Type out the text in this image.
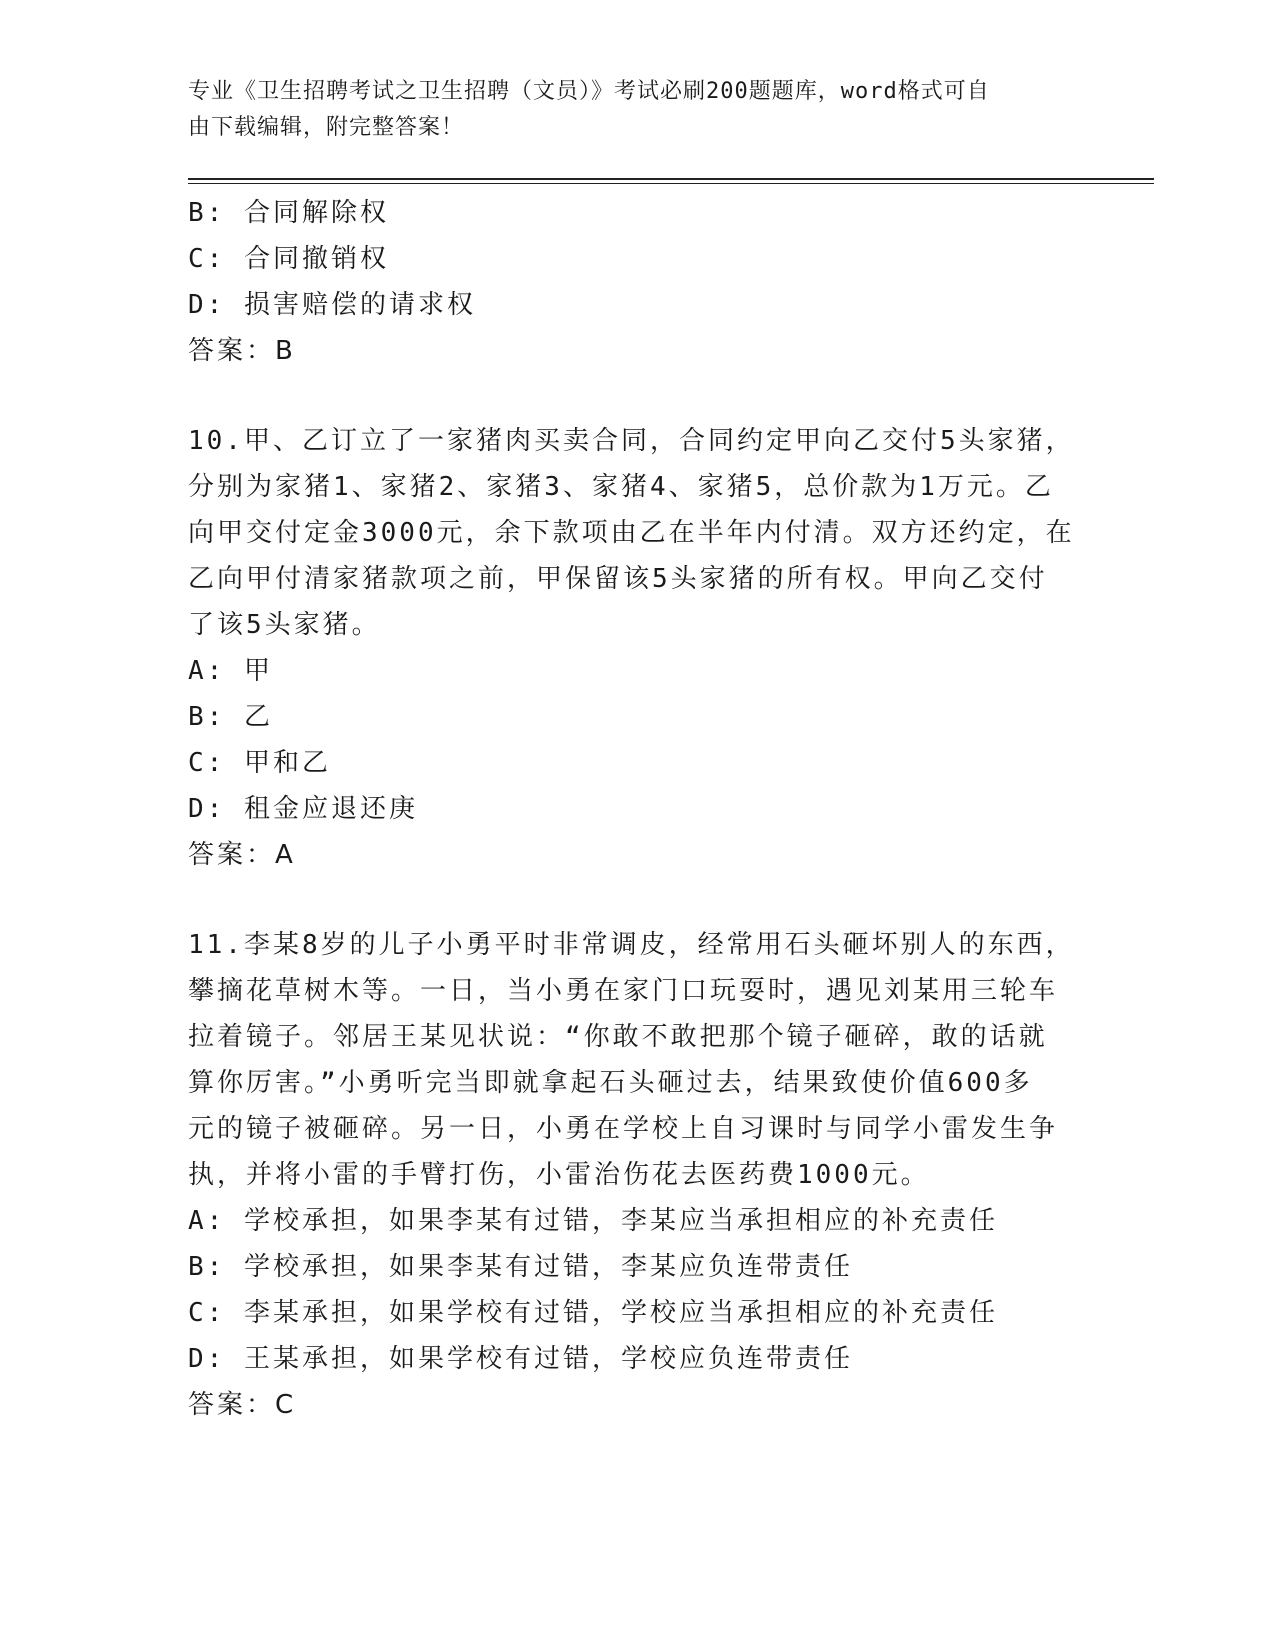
专业《卫生招聘考试之卫生招聘（文员）》考试必刷200题题库，word格式可自
由下载编辑，附完整答案！
B: 合同解除权
C: 合同撤销权
D: 损害赔偿的请求权
答案：B
10.甲、乙订立了一家猪肉买卖合同，合同约定甲向乙交付5头家猪，
分别为家猪1、家猪2、家猪3、家猪4、家猪5，总价款为1万元。乙
向甲交付定金3000元，余下款项由乙在半年内付清。双方还约定，在
乙向甲付清家猪款项之前，甲保留该5头家猪的所有权。甲向乙交付
了该5头家猪。
A: 甲
B: 乙
C: 甲和乙
D: 租金应退还庚
答案：A
11.李某8岁的儿子小勇平时非常调皮，经常用石头砸坏别人的东西，
攀摘花草树木等。一日，当小勇在家门口玩耍时，遇见刘某用三轮车
拉着镜子。邻居王某见状说：“你敢不敢把那个镜子砸碎，敢的话就
算你厉害。”小勇听完当即就拿起石头砸过去，结果致使价值600多
元的镜子被砸碎。另一日，小勇在学校上自习课时与同学小雷发生争
执，并将小雷的手臂打伤，小雷治伤花去医药费1000元。
A: 学校承担，如果李某有过错，李某应当承担相应的补充责任
B: 学校承担，如果李某有过错，李某应负连带责任
C: 李某承担，如果学校有过错，学校应当承担相应的补充责任
D: 王某承担，如果学校有过错，学校应负连带责任
答案：C
